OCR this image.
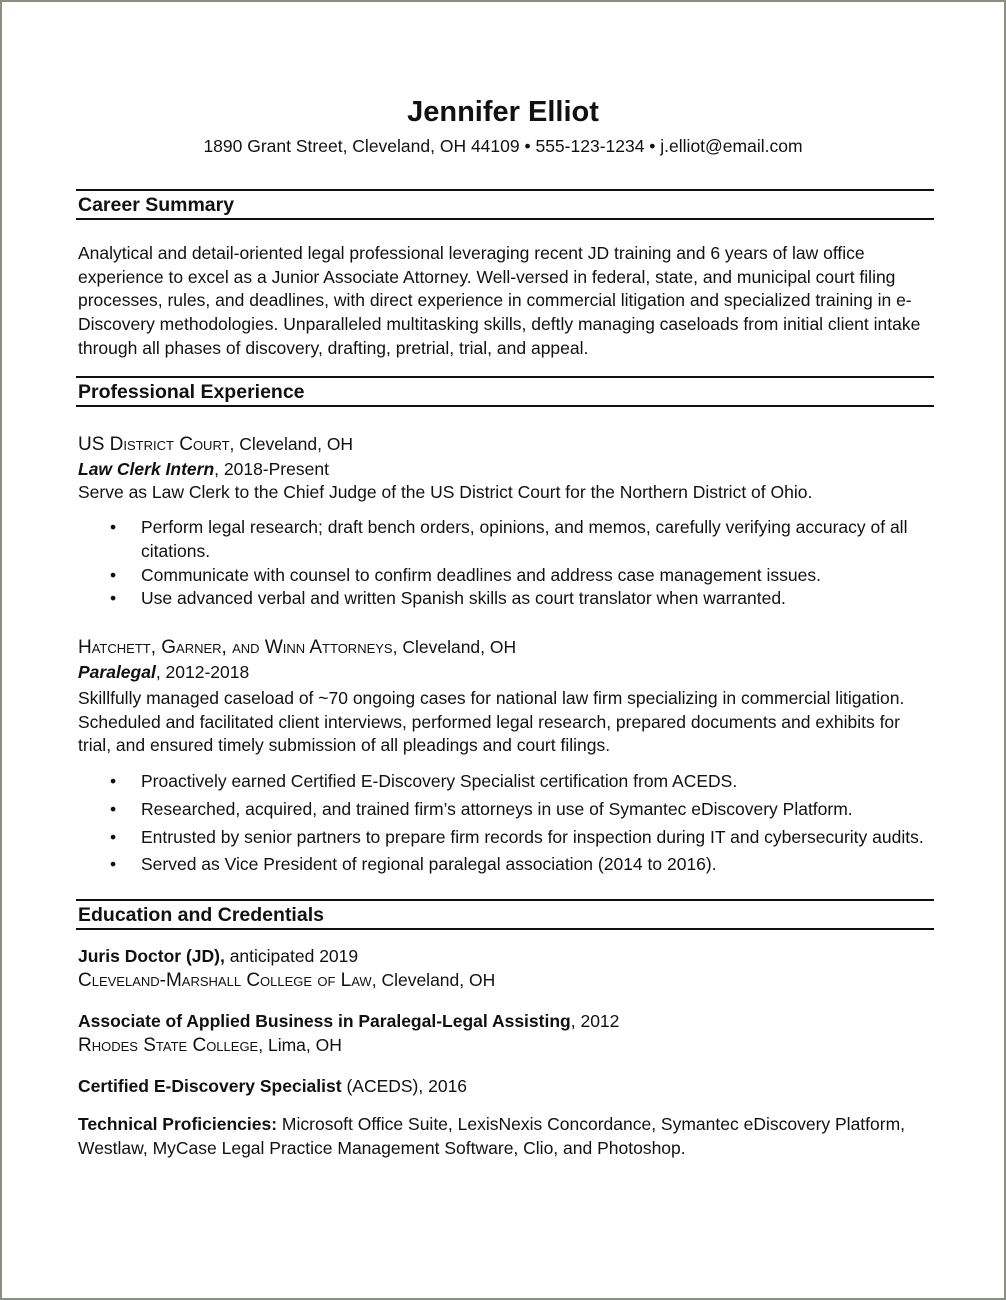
Jennifer Elliot
1890 Grant Street, Cleveland, OH 44109 • 555-123-1234 • j.elliot@email.com
Career Summary
Analytical and detail-oriented legal professional leveraging recent JD training and 6 years of law office experience to excel as a Junior Associate Attorney. Well-versed in federal, state, and municipal court filing processes, rules, and deadlines, with direct experience in commercial litigation and specialized training in e-Discovery methodologies. Unparalleled multitasking skills, deftly managing caseloads from initial client intake through all phases of discovery, drafting, pretrial, trial, and appeal.
Professional Experience
US District Court, Cleveland, OH
Law Clerk Intern, 2018-Present
Serve as Law Clerk to the Chief Judge of the US District Court for the Northern District of Ohio.
• Perform legal research; draft bench orders, opinions, and memos, carefully verifying accuracy of all citations.
• Communicate with counsel to confirm deadlines and address case management issues.
• Use advanced verbal and written Spanish skills as court translator when warranted.
Hatchett, Garner, and Winn Attorneys, Cleveland, OH
Paralegal, 2012-2018
Skillfully managed caseload of ~70 ongoing cases for national law firm specializing in commercial litigation. Scheduled and facilitated client interviews, performed legal research, prepared documents and exhibits for trial, and ensured timely submission of all pleadings and court filings.
• Proactively earned Certified E-Discovery Specialist certification from ACEDS.
• Researched, acquired, and trained firm’s attorneys in use of Symantec eDiscovery Platform.
• Entrusted by senior partners to prepare firm records for inspection during IT and cybersecurity audits.
• Served as Vice President of regional paralegal association (2014 to 2016).
Education and Credentials
Juris Doctor (JD), anticipated 2019
Cleveland-Marshall College of Law, Cleveland, OH
Associate of Applied Business in Paralegal-Legal Assisting, 2012
Rhodes State College, Lima, OH
Certified E-Discovery Specialist (ACEDS), 2016
Technical Proficiencies: Microsoft Office Suite, LexisNexis Concordance, Symantec eDiscovery Platform, Westlaw, MyCase Legal Practice Management Software, Clio, and Photoshop.
